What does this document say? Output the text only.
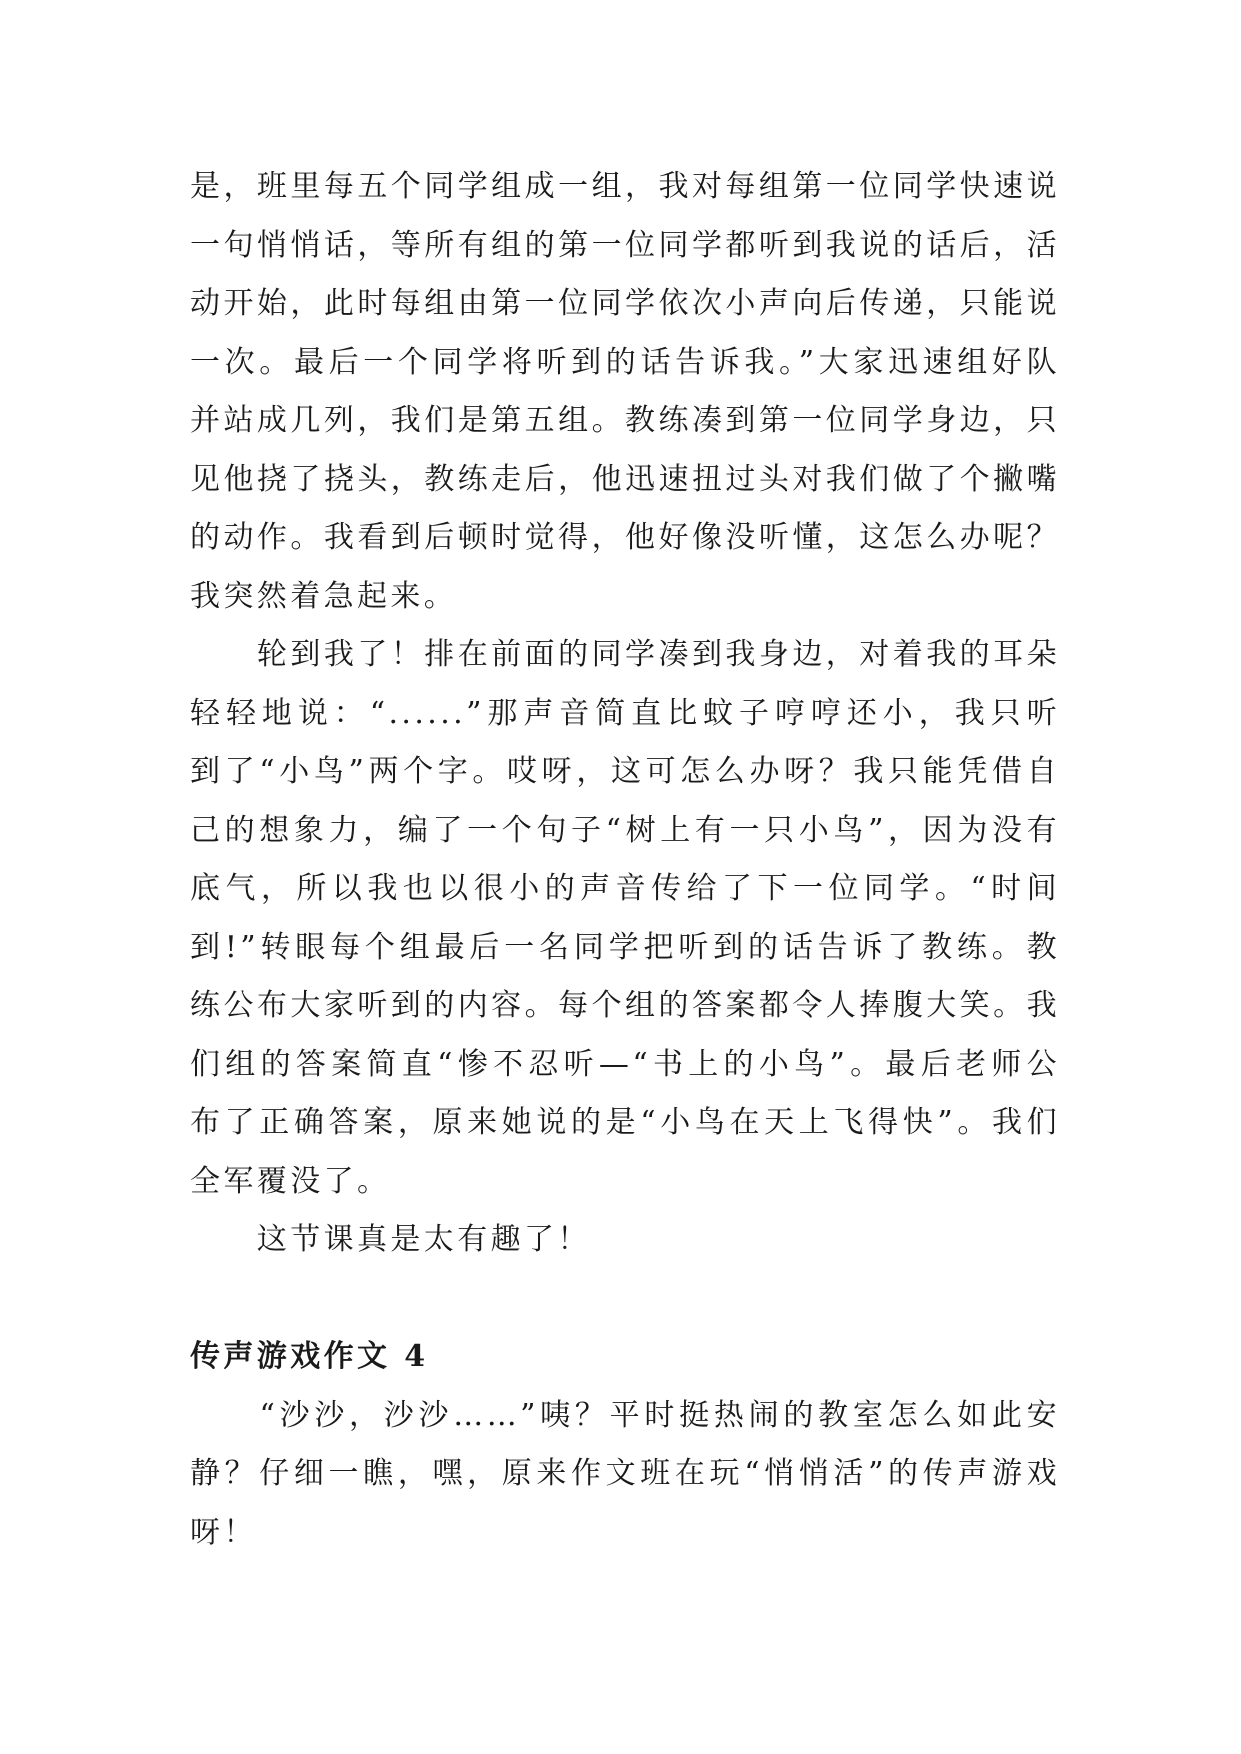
是，班里每五个同学组成一组，我对每组第一位同学快速说
一句悄悄话，等所有组的第一位同学都听到我说的话后，活
动开始，此时每组由第一位同学依次小声向后传递，只能说
一次。最后一个同学将听到的话告诉我。”大家迅速组好队
并站成几列，我们是第五组。教练凑到第一位同学身边，只
见他挠了挠头，教练走后，他迅速扭过头对我们做了个撇嘴
的动作。我看到后顿时觉得，他好像没听懂，这怎么办呢？
我突然着急起来。
　　轮到我了！排在前面的同学凑到我身边，对着我的耳朵
轻轻地说：“......”那声音简直比蚊子哼哼还小，我只听
到了“小鸟”两个字。哎呀，这可怎么办呀？我只能凭借自
己的想象力，编了一个句子“树上有一只小鸟”，因为没有
底气，所以我也以很小的声音传给了下一位同学。“时间
到!”转眼每个组最后一名同学把听到的话告诉了教练。教
练公布大家听到的内容。每个组的答案都令人捧腹大笑。我
们组的答案简直“惨不忍听—“书上的小鸟”。最后老师公
布了正确答案，原来她说的是“小鸟在天上飞得快”。我们
全军覆没了。
　　这节课真是太有趣了！
传声游戏作文 4
　　“沙沙，沙沙……”咦？平时挺热闹的教室怎么如此安
静？仔细一瞧，嘿，原来作文班在玩“悄悄活”的传声游戏
呀！
